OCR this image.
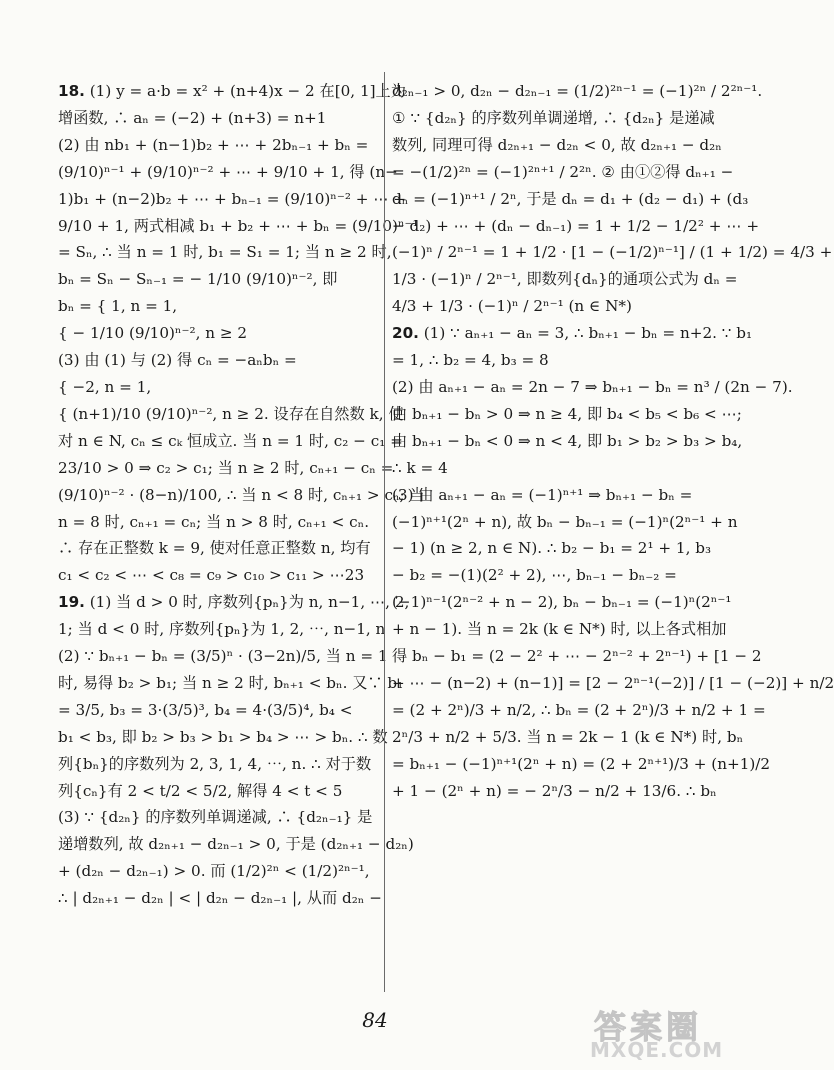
18. (1) y = a·b = x² + (n+4)x − 2 在[0, 1]上为
增函数, ∴ aₙ = (−2) + (n+3) = n+1
(2) 由 nb₁ + (n−1)b₂ + ⋯ + 2bₙ₋₁ + bₙ =
(9/10)ⁿ⁻¹ + (9/10)ⁿ⁻² + ⋯ + 9/10 + 1, 得 (n−
1)b₁ + (n−2)b₂ + ⋯ + bₙ₋₁ = (9/10)ⁿ⁻² + ⋯ +
9/10 + 1, 两式相减 b₁ + b₂ + ⋯ + bₙ = (9/10)ⁿ⁻¹
= Sₙ, ∴ 当 n = 1 时, b₁ = S₁ = 1; 当 n ≥ 2 时,
bₙ = Sₙ − Sₙ₋₁ = − 1/10 (9/10)ⁿ⁻², 即
bₙ = { 1, n = 1,
{ − 1/10 (9/10)ⁿ⁻², n ≥ 2
(3) 由 (1) 与 (2) 得 cₙ = −aₙbₙ =
{ −2, n = 1,
{ (n+1)/10 (9/10)ⁿ⁻², n ≥ 2. 设存在自然数 k, 使
对 n ∈ N, cₙ ≤ cₖ 恒成立. 当 n = 1 时, c₂ − c₁ =
23/10 > 0 ⇒ c₂ > c₁; 当 n ≥ 2 时, cₙ₊₁ − cₙ =
(9/10)ⁿ⁻² · (8−n)/100, ∴ 当 n < 8 时, cₙ₊₁ > cₙ; 当
n = 8 时, cₙ₊₁ = cₙ; 当 n > 8 时, cₙ₊₁ < cₙ.
∴ 存在正整数 k = 9, 使对任意正整数 n, 均有
c₁ < c₂ < ⋯ < c₈ = c₉ > c₁₀ > c₁₁ > ⋯23
19. (1) 当 d > 0 时, 序数列{pₙ}为 n, n−1, ⋯, 2,
1; 当 d < 0 时, 序数列{pₙ}为 1, 2, ⋯, n−1, n
(2) ∵ bₙ₊₁ − bₙ = (3/5)ⁿ · (3−2n)/5, 当 n = 1
时, 易得 b₂ > b₁; 当 n ≥ 2 时, bₙ₊₁ < bₙ. 又∵ b₁
= 3/5, b₃ = 3·(3/5)³, b₄ = 4·(3/5)⁴, b₄ <
b₁ < b₃, 即 b₂ > b₃ > b₁ > b₄ > ⋯ > bₙ. ∴ 数
列{bₙ}的序数列为 2, 3, 1, 4, ⋯, n. ∴ 对于数
列{cₙ}有 2 < t/2 < 5/2, 解得 4 < t < 5
(3) ∵ {d₂ₙ} 的序数列单调递减, ∴ {d₂ₙ₋₁} 是
递增数列, 故 d₂ₙ₊₁ − d₂ₙ₋₁ > 0, 于是 (d₂ₙ₊₁ − d₂ₙ)
+ (d₂ₙ − d₂ₙ₋₁) > 0. 而 (1/2)²ⁿ < (1/2)²ⁿ⁻¹,
∴ | d₂ₙ₊₁ − d₂ₙ | < | d₂ₙ − d₂ₙ₋₁ |, 从而 d₂ₙ −
d₂ₙ₋₁ > 0, d₂ₙ − d₂ₙ₋₁ = (1/2)²ⁿ⁻¹ = (−1)²ⁿ / 2²ⁿ⁻¹.
① ∵ {d₂ₙ} 的序数列单调递增, ∴ {d₂ₙ} 是递减
数列, 同理可得 d₂ₙ₊₁ − d₂ₙ < 0, 故 d₂ₙ₊₁ − d₂ₙ
= −(1/2)²ⁿ = (−1)²ⁿ⁺¹ / 2²ⁿ. ② 由①②得 dₙ₊₁ −
dₙ = (−1)ⁿ⁺¹ / 2ⁿ, 于是 dₙ = d₁ + (d₂ − d₁) + (d₃
− d₂) + ⋯ + (dₙ − dₙ₋₁) = 1 + 1/2 − 1/2² + ⋯ +
(−1)ⁿ / 2ⁿ⁻¹ = 1 + 1/2 · [1 − (−1/2)ⁿ⁻¹] / (1 + 1/2) = 4/3 +
1/3 · (−1)ⁿ / 2ⁿ⁻¹, 即数列{dₙ}的通项公式为 dₙ =
4/3 + 1/3 · (−1)ⁿ / 2ⁿ⁻¹ (n ∈ N*)
20. (1) ∵ aₙ₊₁ − aₙ = 3, ∴ bₙ₊₁ − bₙ = n+2. ∵ b₁
= 1, ∴ b₂ = 4, b₃ = 8
(2) 由 aₙ₊₁ − aₙ = 2n − 7 ⇒ bₙ₊₁ − bₙ = n³ / (2n − 7).
由 bₙ₊₁ − bₙ > 0 ⇒ n ≥ 4, 即 b₄ < b₅ < b₆ < ⋯;
由 bₙ₊₁ − bₙ < 0 ⇒ n < 4, 即 b₁ > b₂ > b₃ > b₄,
∴ k = 4
(3) 由 aₙ₊₁ − aₙ = (−1)ⁿ⁺¹ ⇒ bₙ₊₁ − bₙ =
(−1)ⁿ⁺¹(2ⁿ + n), 故 bₙ − bₙ₋₁ = (−1)ⁿ(2ⁿ⁻¹ + n
− 1) (n ≥ 2, n ∈ N). ∴ b₂ − b₁ = 2¹ + 1, b₃
− b₂ = −(1)(2² + 2), ⋯, bₙ₋₁ − bₙ₋₂ =
(−1)ⁿ⁻¹(2ⁿ⁻² + n − 2), bₙ − bₙ₋₁ = (−1)ⁿ(2ⁿ⁻¹
+ n − 1). 当 n = 2k (k ∈ N*) 时, 以上各式相加
得 bₙ − b₁ = (2 − 2² + ⋯ − 2ⁿ⁻² + 2ⁿ⁻¹) + [1 − 2
+ ⋯ − (n−2) + (n−1)] = [2 − 2ⁿ⁻¹(−2)] / [1 − (−2)] + n/2
= (2 + 2ⁿ)/3 + n/2, ∴ bₙ = (2 + 2ⁿ)/3 + n/2 + 1 =
2ⁿ/3 + n/2 + 5/3. 当 n = 2k − 1 (k ∈ N*) 时, bₙ
= bₙ₊₁ − (−1)ⁿ⁺¹(2ⁿ + n) = (2 + 2ⁿ⁺¹)/3 + (n+1)/2
+ 1 − (2ⁿ + n) = − 2ⁿ/3 − n/2 + 13/6. ∴ bₙ
84	答案圈
MXQE.COM
